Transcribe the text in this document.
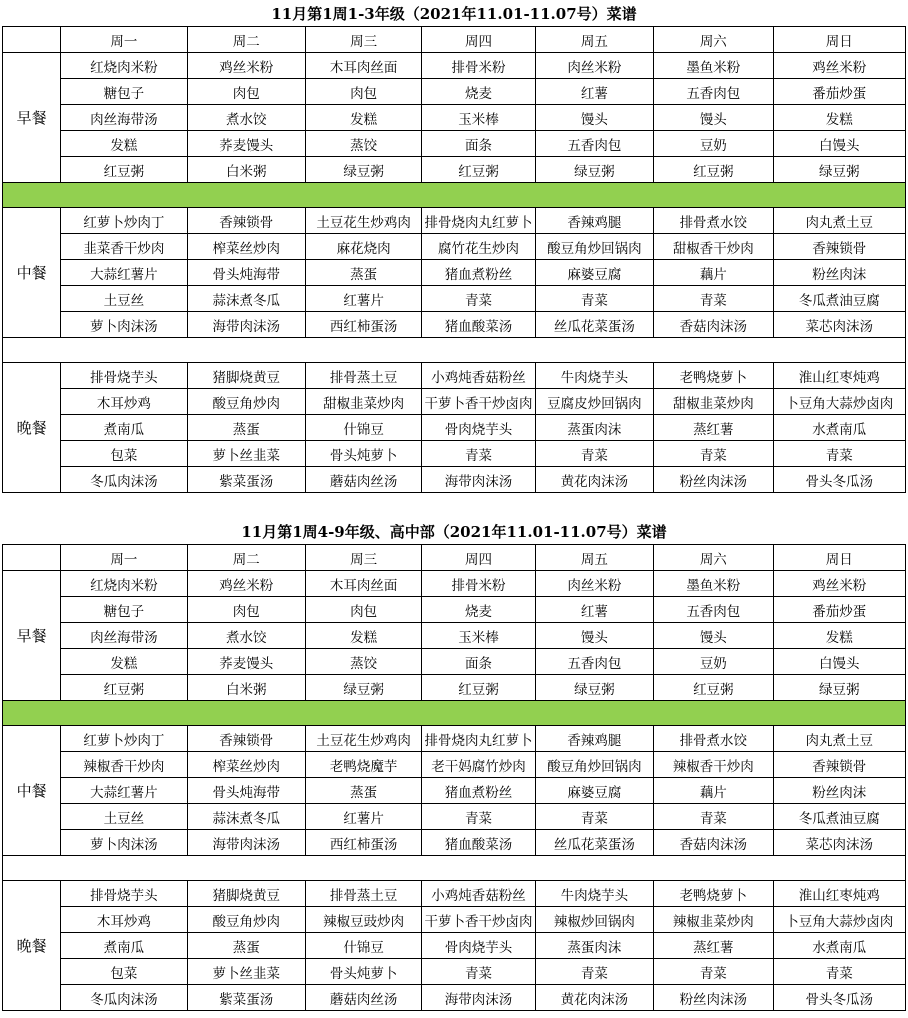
11月第1周1-3年级（2021年11.01-11.07号）菜谱
	周一	周二	周三	周四	周五	周六	周日
早餐	红烧肉米粉	鸡丝米粉	木耳肉丝面	排骨米粉	肉丝米粉	墨鱼米粉	鸡丝米粉
	糖包子	肉包	肉包	烧麦	红薯	五香肉包	番茄炒蛋
	肉丝海带汤	煮水饺	发糕	玉米棒	馒头	馒头	发糕
	发糕	荞麦馒头	蒸饺	面条	五香肉包	豆奶	白馒头
	红豆粥	白米粥	绿豆粥	红豆粥	绿豆粥	红豆粥	绿豆粥

中餐	红萝卜炒肉丁	香辣锁骨	土豆花生炒鸡肉	排骨烧肉丸红萝卜	香辣鸡腿	排骨煮水饺	肉丸煮土豆
	韭菜香干炒肉	榨菜丝炒肉	麻花烧肉	腐竹花生炒肉	酸豆角炒回锅肉	甜椒香干炒肉	香辣锁骨
	大蒜红薯片	骨头炖海带	蒸蛋	猪血煮粉丝	麻婆豆腐	藕片	粉丝肉沫
	土豆丝	蒜沫煮冬瓜	红薯片	青菜	青菜	青菜	冬瓜煮油豆腐
	萝卜肉沫汤	海带肉沫汤	西红柿蛋汤	猪血酸菜汤	丝瓜花菜蛋汤	香菇肉沫汤	菜芯肉沫汤

晚餐	排骨烧芋头	猪脚烧黄豆	排骨蒸土豆	小鸡炖香菇粉丝	牛肉烧芋头	老鸭烧萝卜	淮山红枣炖鸡
	木耳炒鸡	酸豆角炒肉	甜椒韭菜炒肉	干萝卜香干炒卤肉	豆腐皮炒回锅肉	甜椒韭菜炒肉	卜豆角大蒜炒卤肉
	煮南瓜	蒸蛋	什锦豆	骨肉烧芋头	蒸蛋肉沫	蒸红薯	水煮南瓜
	包菜	萝卜丝韭菜	骨头炖萝卜	青菜	青菜	青菜	青菜
	冬瓜肉沫汤	紫菜蛋汤	蘑菇肉丝汤	海带肉沫汤	黄花肉沫汤	粉丝肉沫汤	骨头冬瓜汤
11月第1周4-9年级、高中部（2021年11.01-11.07号）菜谱
	周一	周二	周三	周四	周五	周六	周日
早餐	红烧肉米粉	鸡丝米粉	木耳肉丝面	排骨米粉	肉丝米粉	墨鱼米粉	鸡丝米粉
	糖包子	肉包	肉包	烧麦	红薯	五香肉包	番茄炒蛋
	肉丝海带汤	煮水饺	发糕	玉米棒	馒头	馒头	发糕
	发糕	荞麦馒头	蒸饺	面条	五香肉包	豆奶	白馒头
	红豆粥	白米粥	绿豆粥	红豆粥	绿豆粥	红豆粥	绿豆粥

中餐	红萝卜炒肉丁	香辣锁骨	土豆花生炒鸡肉	排骨烧肉丸红萝卜	香辣鸡腿	排骨煮水饺	肉丸煮土豆
	辣椒香干炒肉	榨菜丝炒肉	老鸭烧魔芋	老干妈腐竹炒肉	酸豆角炒回锅肉	辣椒香干炒肉	香辣锁骨
	大蒜红薯片	骨头炖海带	蒸蛋	猪血煮粉丝	麻婆豆腐	藕片	粉丝肉沫
	土豆丝	蒜沫煮冬瓜	红薯片	青菜	青菜	青菜	冬瓜煮油豆腐
	萝卜肉沫汤	海带肉沫汤	西红柿蛋汤	猪血酸菜汤	丝瓜花菜蛋汤	香菇肉沫汤	菜芯肉沫汤

晚餐	排骨烧芋头	猪脚烧黄豆	排骨蒸土豆	小鸡炖香菇粉丝	牛肉烧芋头	老鸭烧萝卜	淮山红枣炖鸡
	木耳炒鸡	酸豆角炒肉	辣椒豆豉炒肉	干萝卜香干炒卤肉	辣椒炒回锅肉	辣椒韭菜炒肉	卜豆角大蒜炒卤肉
	煮南瓜	蒸蛋	什锦豆	骨肉烧芋头	蒸蛋肉沫	蒸红薯	水煮南瓜
	包菜	萝卜丝韭菜	骨头炖萝卜	青菜	青菜	青菜	青菜
	冬瓜肉沫汤	紫菜蛋汤	蘑菇肉丝汤	海带肉沫汤	黄花肉沫汤	粉丝肉沫汤	骨头冬瓜汤
